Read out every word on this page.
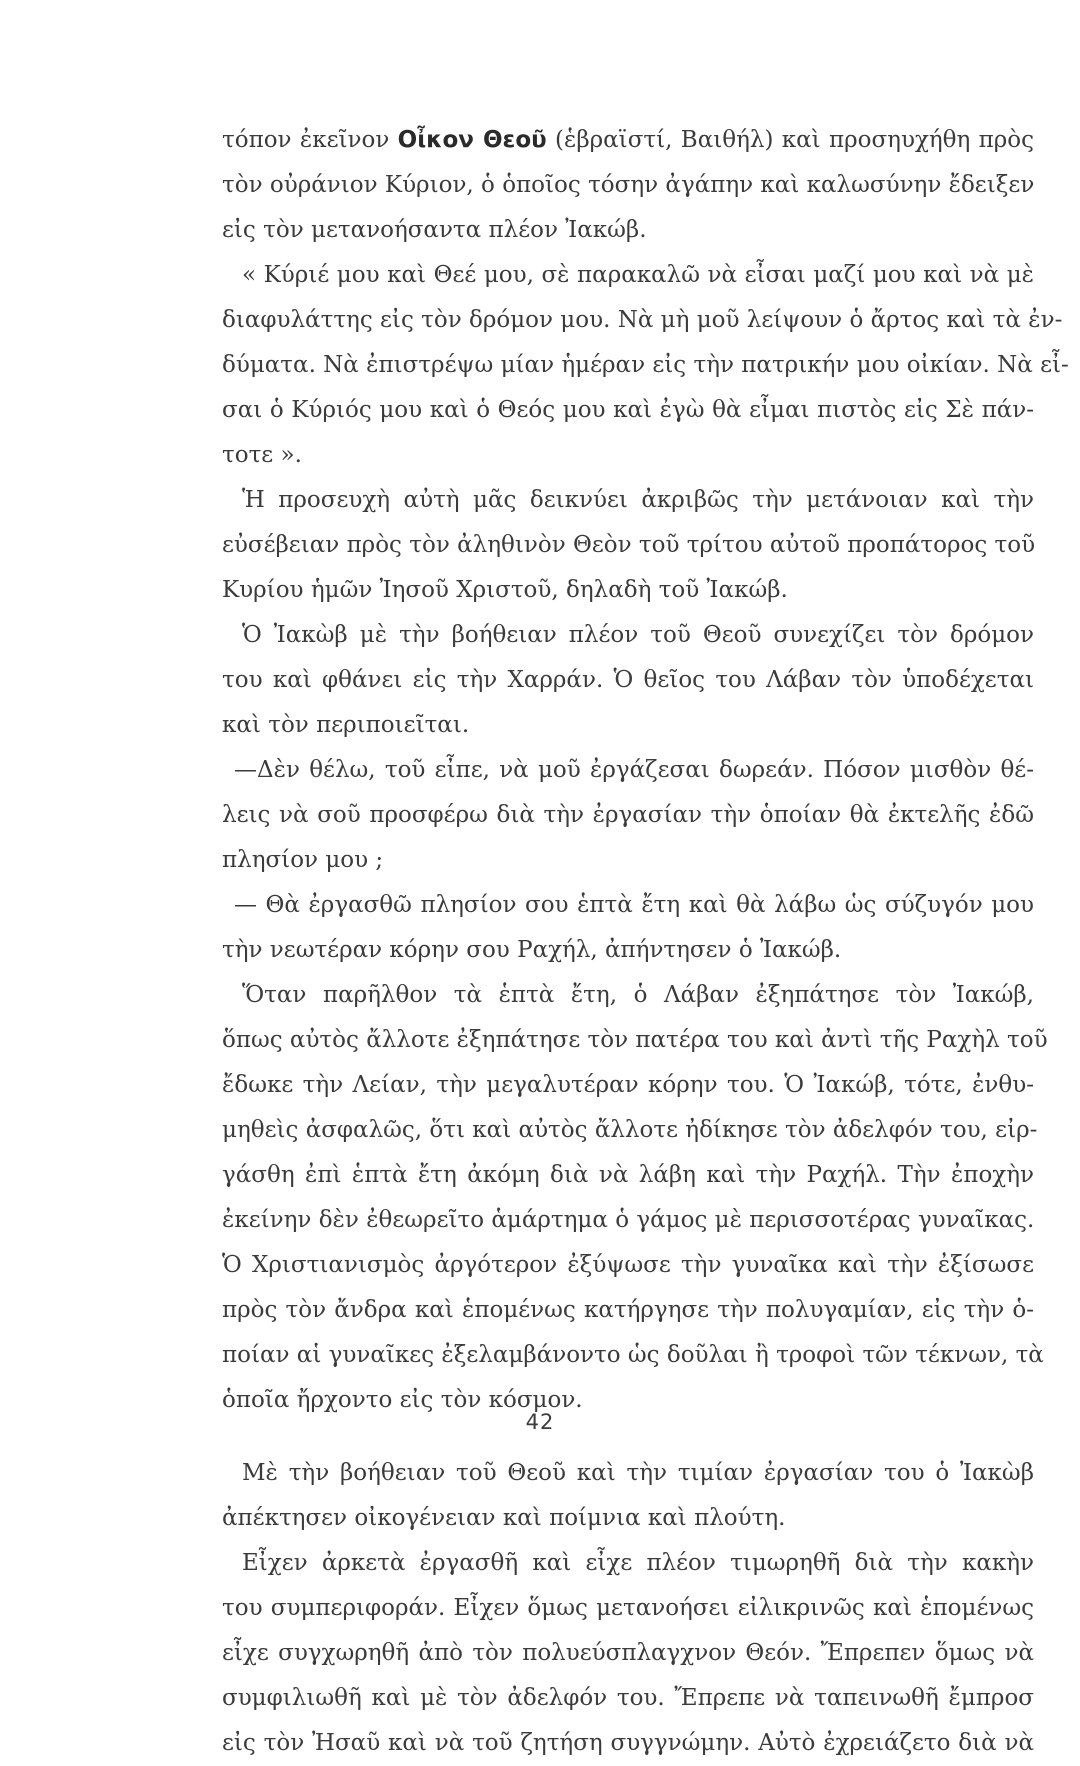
τόπον ἐκεῖνον Οἶκον Θεοῦ (ἑβραϊστί, Βαιθήλ) καὶ προσηυχήθη πρὸς
τὸν οὐράνιον Κύριον, ὁ ὁποῖος τόσην ἀγάπην καὶ καλωσύνην ἔδειξεν
εἰς τὸν μετανοήσαντα πλέον Ἰακώβ.
« Κύριέ μου καὶ Θεέ μου, σὲ παρακαλῶ νὰ εἶσαι μαζί μου καὶ νὰ μὲ
διαφυλάττης εἰς τὸν δρόμον μου. Νὰ μὴ μοῦ λείψουν ὁ ἄρτος καὶ τὰ ἐν-
δύματα. Νὰ ἐπιστρέψω μίαν ἡμέραν εἰς τὴν πατρικήν μου οἰκίαν. Νὰ εἶ-
σαι ὁ Κύριός μου καὶ ὁ Θεός μου καὶ ἐγὼ θὰ εἶμαι πιστὸς εἰς Σὲ πάν-
τοτε ».
Ἡ προσευχὴ αὐτὴ μᾶς δεικνύει ἀκριβῶς τὴν μετάνοιαν καὶ τὴν
εὐσέβειαν πρὸς τὸν ἀληθινὸν Θεὸν τοῦ τρίτου αὐτοῦ προπάτορος τοῦ
Κυρίου ἡμῶν Ἰησοῦ Χριστοῦ, δηλαδὴ τοῦ Ἰακώβ.
Ὁ Ἰακὼβ μὲ τὴν βοήθειαν πλέον τοῦ Θεοῦ συνεχίζει τὸν δρόμον
του καὶ φθάνει εἰς τὴν Χαρράν. Ὁ θεῖος του Λάβαν τὸν ὑποδέχεται
καὶ τὸν περιποιεῖται.
—Δὲν θέλω, τοῦ εἶπε, νὰ μοῦ ἐργάζεσαι δωρεάν. Πόσον μισθὸν θέ-
λεις νὰ σοῦ προσφέρω διὰ τὴν ἐργασίαν τὴν ὁποίαν θὰ ἐκτελῆς ἐδῶ
πλησίον μου ;
— Θὰ ἐργασθῶ πλησίον σου ἑπτὰ ἔτη καὶ θὰ λάβω ὡς σύζυγόν μου
τὴν νεωτέραν κόρην σου Ραχήλ, ἀπήντησεν ὁ Ἰακώβ.
Ὅταν παρῆλθον τὰ ἑπτὰ ἔτη, ὁ Λάβαν ἐξηπάτησε τὸν Ἰακώβ,
ὅπως αὐτὸς ἄλλοτε ἐξηπάτησε τὸν πατέρα του καὶ ἀντὶ τῆς Ραχὴλ τοῦ
ἔδωκε τὴν Λείαν, τὴν μεγαλυτέραν κόρην του. Ὁ Ἰακώβ, τότε, ἐνθυ-
μηθεὶς ἀσφαλῶς, ὅτι καὶ αὐτὸς ἄλλοτε ἠδίκησε τὸν ἀδελφόν του, εἰρ-
γάσθη ἐπὶ ἑπτὰ ἔτη ἀκόμη διὰ νὰ λάβη καὶ τὴν Ραχήλ. Τὴν ἐποχὴν
ἐκείνην δὲν ἐθεωρεῖτο ἁμάρτημα ὁ γάμος μὲ περισσοτέρας γυναῖκας.
Ὁ Χριστιανισμὸς ἀργότερον ἐξύψωσε τὴν γυναῖκα καὶ τὴν ἐξίσωσε
πρὸς τὸν ἄνδρα καὶ ἑπομένως κατήργησε τὴν πολυγαμίαν, εἰς τὴν ὁ-
ποίαν αἱ γυναῖκες ἐξελαμβάνοντο ὡς δοῦλαι ἢ τροφοὶ τῶν τέκνων, τὰ
ὁποῖα ἤρχοντο εἰς τὸν κόσμον.
Μὲ τὴν βοήθειαν τοῦ Θεοῦ καὶ τὴν τιμίαν ἐργασίαν του ὁ Ἰακὼβ
ἀπέκτησεν οἰκογένειαν καὶ ποίμνια καὶ πλούτη.
Εἶχεν ἀρκετὰ ἐργασθῆ καὶ εἶχε πλέον τιμωρηθῆ διὰ τὴν κακὴν
του συμπεριφοράν. Εἶχεν ὅμως μετανοήσει εἰλικρινῶς καὶ ἑπομένως
εἶχε συγχωρηθῆ ἀπὸ τὸν πολυεύσπλαγχνον Θεόν. Ἔπρεπεν ὅμως νὰ
συμφιλιωθῆ καὶ μὲ τὸν ἀδελφόν του. Ἔπρεπε νὰ ταπεινωθῆ ἔμπροσ
εἰς τὸν Ἠσαῦ καὶ νὰ τοῦ ζητήση συγγνώμην. Αὐτὸ ἐχρειάζετο διὰ νὰ
42
